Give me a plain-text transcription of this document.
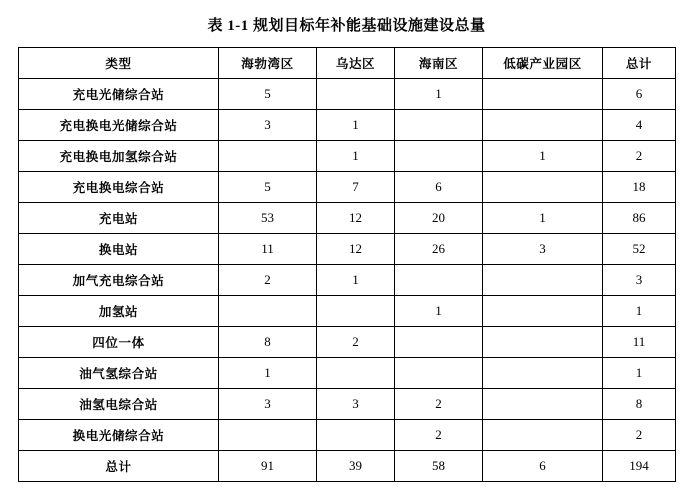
表 1-1 规划目标年补能基础设施建设总量
类型	海勃湾区	乌达区	海南区	低碳产业园区	总计
充电光储综合站	5		1		6
充电换电光储综合站	3	1			4
充电换电加氢综合站		1		1	2
充电换电综合站	5	7	6		18
充电站	53	12	20	1	86
换电站	11	12	26	3	52
加气充电综合站	2	1			3
加氢站			1		1
四位一体	8	2			11
油气氢综合站	1				1
油氢电综合站	3	3	2		8
换电光储综合站			2		2
总计	91	39	58	6	194
